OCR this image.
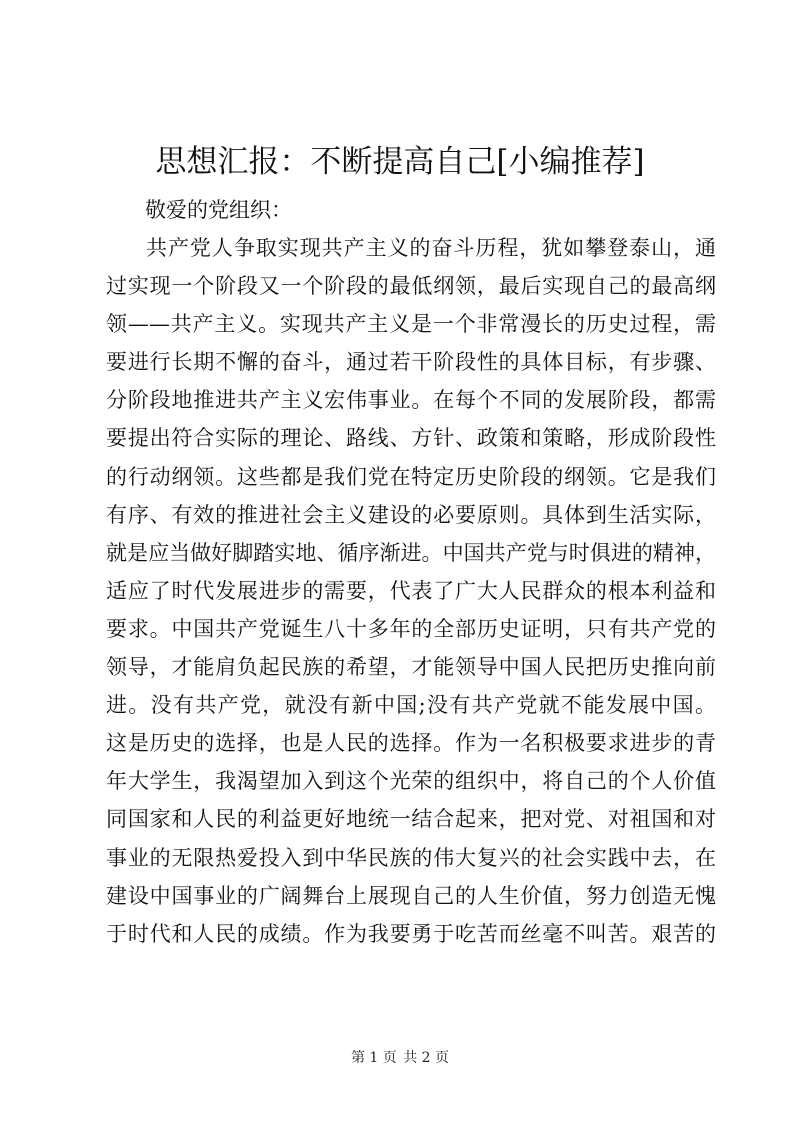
思想汇报：不断提高自己[小编推荐]

敬爱的党组织：

共产党人争取实现共产主义的奋斗历程，犹如攀登泰山，通
过实现一个阶段又一个阶段的最低纲领，最后实现自己的最高纲
领——共产主义。实现共产主义是一个非常漫长的历史过程，需
要进行长期不懈的奋斗，通过若干阶段性的具体目标，有步骤、
分阶段地推进共产主义宏伟事业。在每个不同的发展阶段，都需
要提出符合实际的理论、路线、方针、政策和策略，形成阶段性
的行动纲领。这些都是我们党在特定历史阶段的纲领。它是我们
有序、有效的推进社会主义建设的必要原则。具体到生活实际，
就是应当做好脚踏实地、循序渐进。中国共产党与时俱进的精神，
适应了时代发展进步的需要，代表了广大人民群众的根本利益和
要求。中国共产党诞生八十多年的全部历史证明，只有共产党的
领导，才能肩负起民族的希望，才能领导中国人民把历史推向前
进。没有共产党，就没有新中国;没有共产党就不能发展中国。
这是历史的选择，也是人民的选择。作为一名积极要求进步的青
年大学生，我渴望加入到这个光荣的组织中，将自己的个人价值
同国家和人民的利益更好地统一结合起来，把对党、对祖国和对
事业的无限热爱投入到中华民族的伟大复兴的社会实践中去，在
建设中国事业的广阔舞台上展现自己的人生价值，努力创造无愧
于时代和人民的成绩。作为我要勇于吃苦而丝毫不叫苦。艰苦的
第 1 页 共 2 页
